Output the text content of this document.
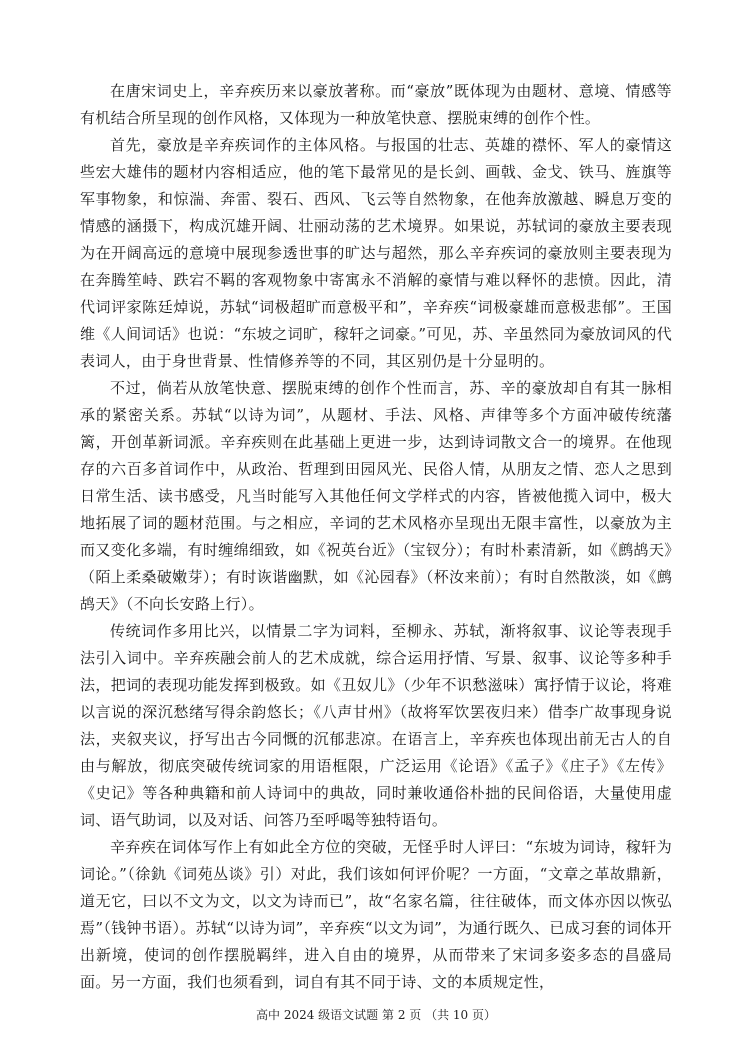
在唐宋词史上，辛弃疾历来以豪放著称。而“豪放”既体现为由题材、意境、情感等有机结合所呈现的创作风格，又体现为一种放笔快意、摆脱束缚的创作个性。

首先，豪放是辛弃疾词作的主体风格。与报国的壮志、英雄的襟怀、军人的豪情这些宏大雄伟的题材内容相适应，他的笔下最常见的是长剑、画戟、金戈、铁马、旌旗等军事物象，和惊湍、奔雷、裂石、西风、飞云等自然物象，在他奔放激越、瞬息万变的情感的涵摄下，构成沉雄开阔、壮丽动荡的艺术境界。如果说，苏轼词的豪放主要表现为在开阔高远的意境中展现参透世事的旷达与超然，那么辛弃疾词的豪放则主要表现为在奔腾笙峙、跌宕不羁的客观物象中寄寓永不消解的豪情与难以释怀的悲愤。因此，清代词评家陈廷焯说，苏轼“词极超旷而意极平和”，辛弃疾“词极豪雄而意极悲郁”。王国维《人间词话》也说：“东坡之词旷，稼轩之词豪。”可见，苏、辛虽然同为豪放词风的代表词人，由于身世背景、性情修养等的不同，其区别仍是十分显明的。

不过，倘若从放笔快意、摆脱束缚的创作个性而言，苏、辛的豪放却自有其一脉相承的紧密关系。苏轼“以诗为词”，从题材、手法、风格、声律等多个方面冲破传统藩篱，开创革新词派。辛弃疾则在此基础上更进一步，达到诗词散文合一的境界。在他现存的六百多首词作中，从政治、哲理到田园风光、民俗人情，从朋友之情、恋人之思到日常生活、读书感受，凡当时能写入其他任何文学样式的内容，皆被他揽入词中，极大地拓展了词的题材范围。与之相应，辛词的艺术风格亦呈现出无限丰富性，以豪放为主而又变化多端，有时缠绵细致，如《祝英台近》（宝钗分）；有时朴素清新，如《鹧鸪天》（陌上柔桑破嫩芽）；有时诙谐幽默，如《沁园春》（杯汝来前）；有时自然散淡，如《鹧鸪天》（不向长安路上行）。

传统词作多用比兴，以情景二字为词料，至柳永、苏轼，渐将叙事、议论等表现手法引入词中。辛弃疾融会前人的艺术成就，综合运用抒情、写景、叙事、议论等多种手法，把词的表现功能发挥到极致。如《丑奴儿》（少年不识愁滋味）寓抒情于议论，将难以言说的深沉愁绪写得余韵悠长；《八声甘州》（故将军饮罢夜归来）借李广故事现身说法，夹叙夹议，抒写出古今同慨的沉郁悲凉。在语言上，辛弃疾也体现出前无古人的自由与解放，彻底突破传统词家的用语框限，广泛运用《论语》《孟子》《庄子》《左传》《史记》等各种典籍和前人诗词中的典故，同时兼收通俗朴拙的民间俗语，大量使用虚词、语气助词，以及对话、问答乃至呼喝等独特语句。

辛弃疾在词体写作上有如此全方位的突破，无怪乎时人评曰：“东坡为词诗，稼轩为词论。”（徐釚《词苑丛谈》引）对此，我们该如何评价呢？一方面，“文章之革故鼎新，道无它，曰以不文为文，以文为诗而已”，故“名家名篇，往往破体，而文体亦因以恢弘焉”（钱钟书语）。苏轼“以诗为词”，辛弃疾“以文为词”，为通行既久、已成习套的词体开出新境，使词的创作摆脱羁绊，进入自由的境界，从而带来了宋词多姿多态的昌盛局面。另一方面，我们也须看到，词自有其不同于诗、文的本质规定性，

高中 2024 级语文试题 第 2 页 （共 10 页）
